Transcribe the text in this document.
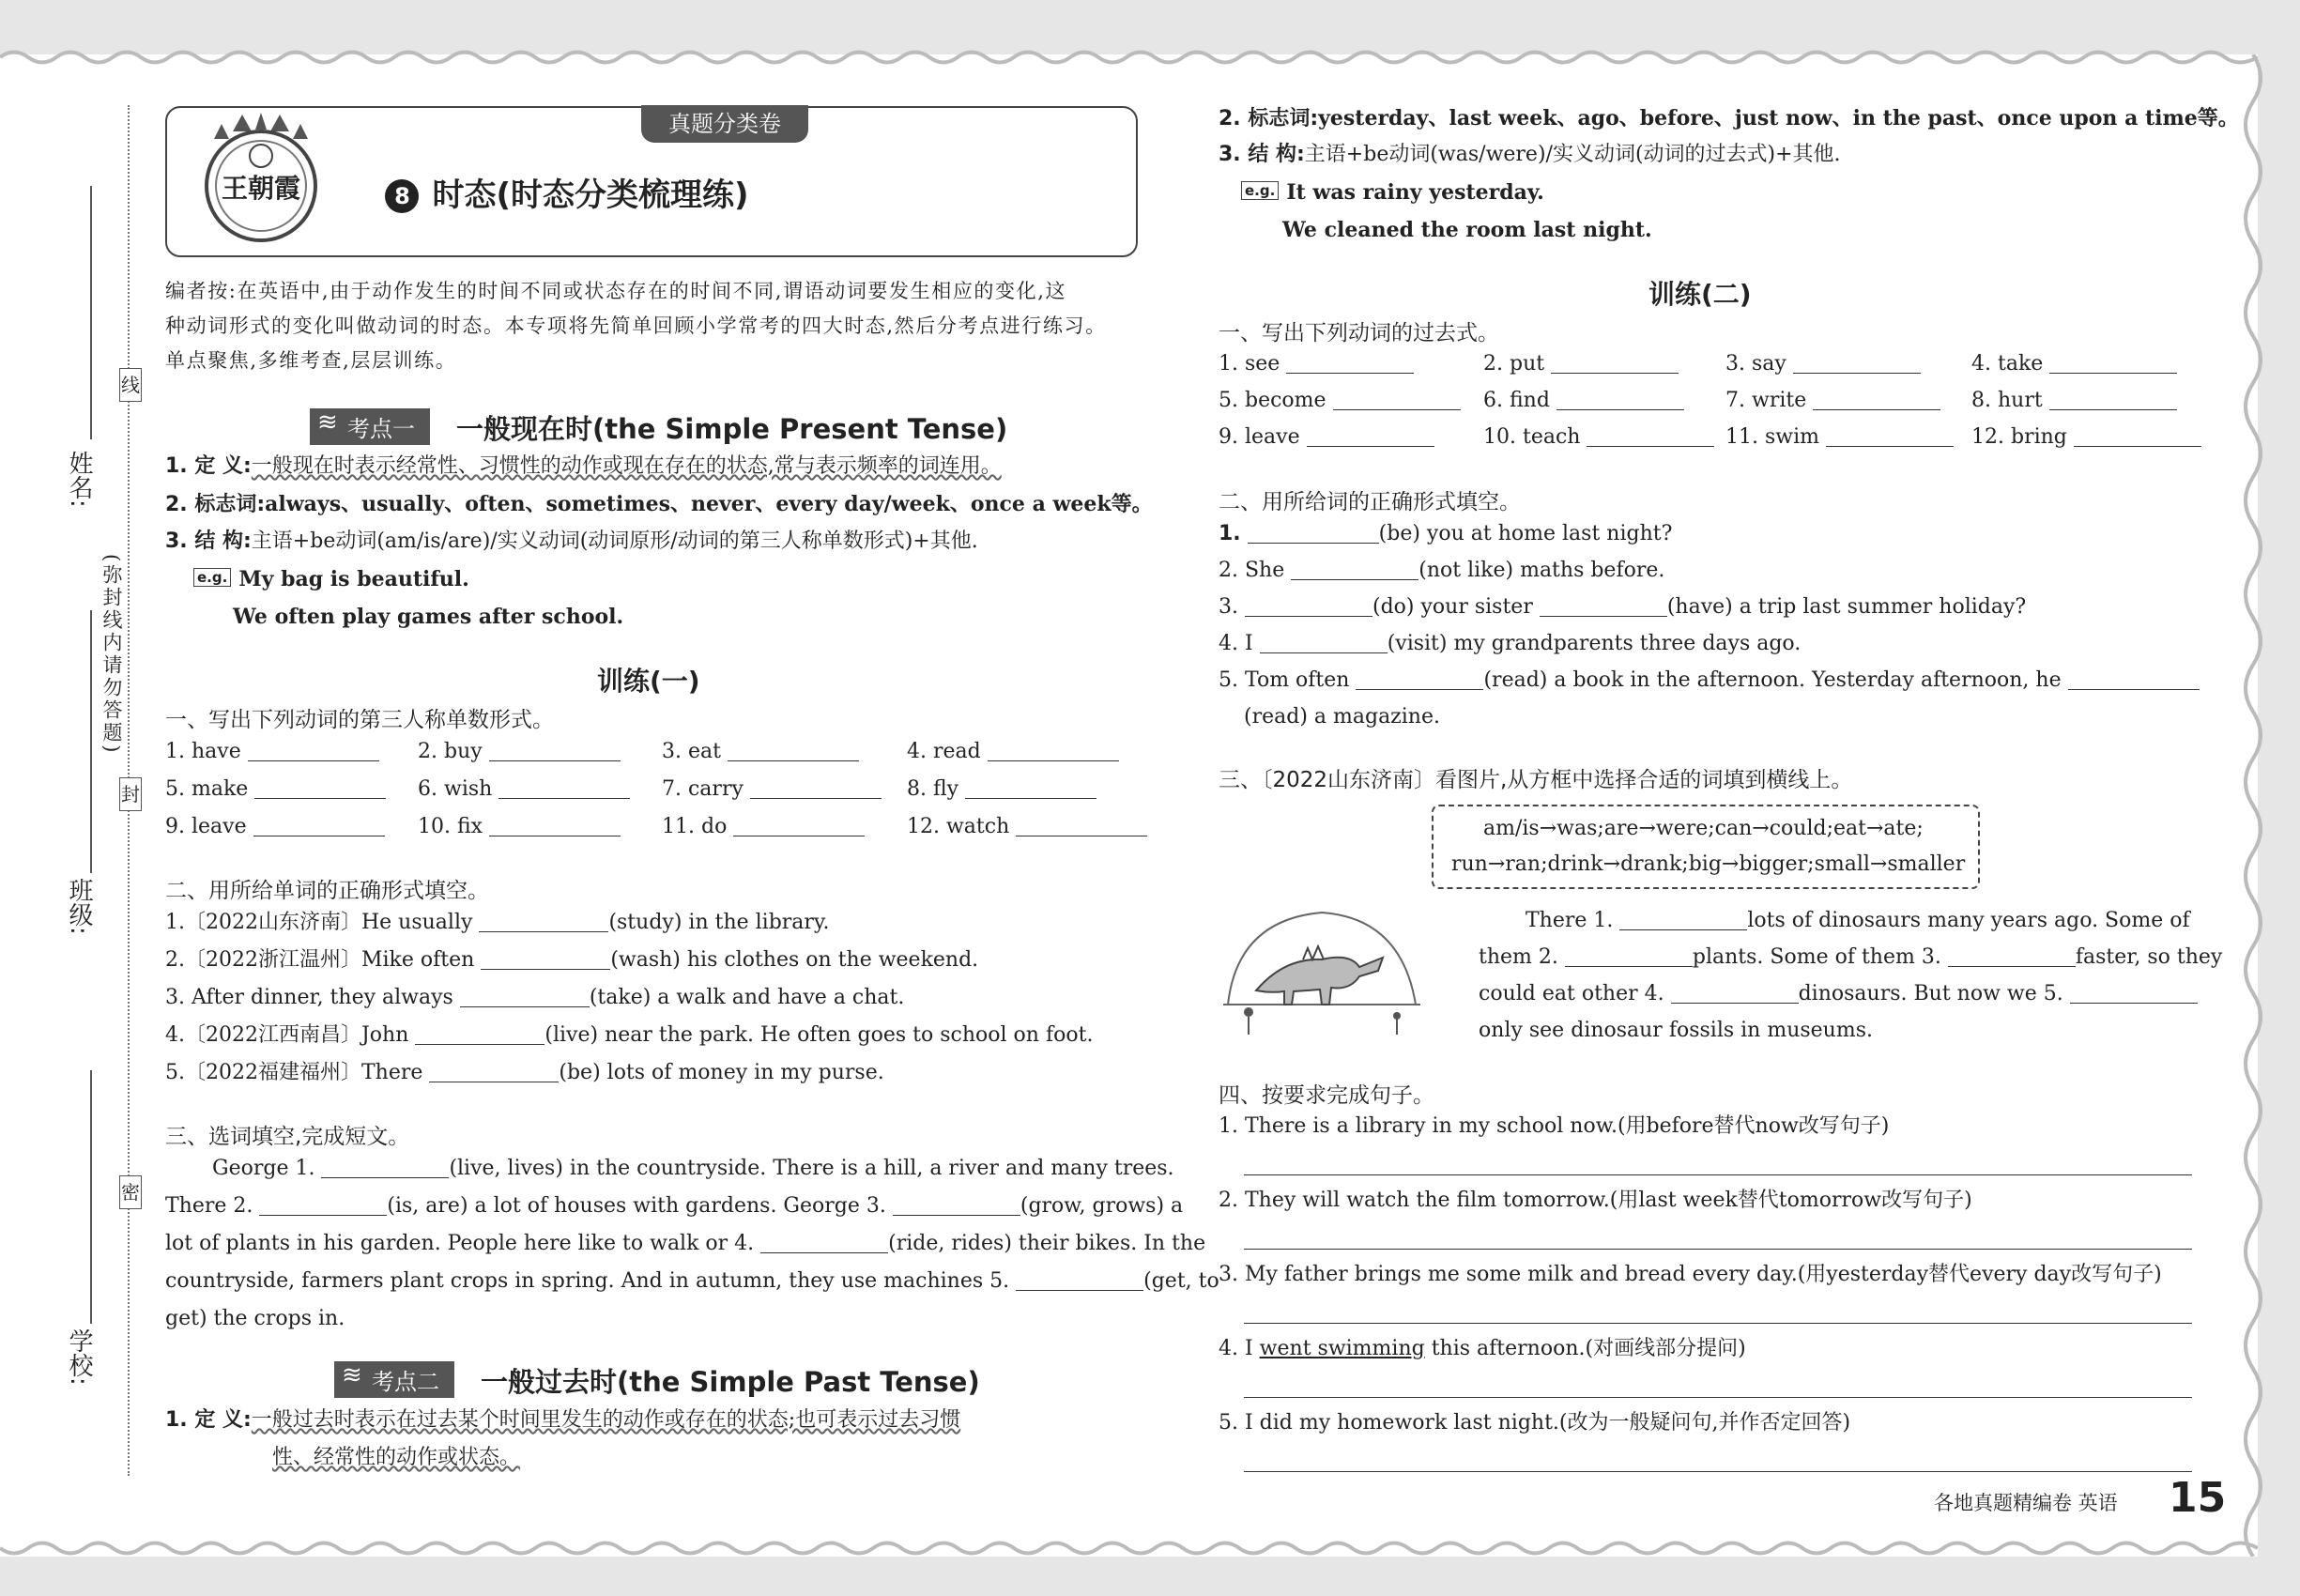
线
封
密
(弥封线内请勿答题)
姓名:
班级:
学校:
真题分类卷
8 时态(时态分类梳理练)
王朝霞
编者按:在英语中,由于动作发生的时间不同或状态存在的时间不同,谓语动词要发生相应的变化,这
种动词形式的变化叫做动词的时态。本专项将先简单回顾小学常考的四大时态,然后分考点进行练习。
单点聚焦,多维考查,层层训练。
≋ 考点一 一般现在时(the Simple Present Tense)
1. 定 义:一般现在时表示经常性、习惯性的动作或现在存在的状态,常与表示频率的词连用。
2. 标志词:always、usually、often、sometimes、never、every day/week、once a week等。
3. 结 构:主语+be动词(am/is/are)/实义动词(动词原形/动词的第三人称单数形式)+其他.
e.g. My bag is beautiful.
We often play games after school.
训练(一)
一、写出下列动词的第三人称单数形式。
1. have	2. buy	3. eat	4. read
5. make	6. wish	7. carry	8. fly
9. leave	10. fix	11. do	12. watch
二、用所给单词的正确形式填空。
1.〔2022山东济南〕He usually	(study) in the library.
2.〔2022浙江温州〕Mike often	(wash) his clothes on the weekend.
3. After dinner, they always	(take) a walk and have a chat.
4.〔2022江西南昌〕John	(live) near the park. He often goes to school on foot.
5.〔2022福建福州〕There	(be) lots of money in my purse.
三、选词填空,完成短文。
George 1.	(live, lives) in the countryside. There is a hill, a river and many trees.
There 2.	(is, are) a lot of houses with gardens. George 3.	(grow, grows) a
lot of plants in his garden. People here like to walk or 4.	(ride, rides) their bikes. In the
countryside, farmers plant crops in spring. And in autumn, they use machines 5.	(get, to
get) the crops in.
≋ 考点二 一般过去时(the Simple Past Tense)
1. 定 义:一般过去时表示在过去某个时间里发生的动作或存在的状态;也可表示过去习惯
性、经常性的动作或状态。
2. 标志词:yesterday、last week、ago、before、just now、in the past、once upon a time等。
3. 结 构:主语+be动词(was/were)/实义动词(动词的过去式)+其他.
e.g. It was rainy yesterday.
We cleaned the room last night.
训练(二)
一、写出下列动词的过去式。
1. see	2. put	3. say	4. take
5. become	6. find	7. write	8. hurt
9. leave	10. teach	11. swim	12. bring
二、用所给词的正确形式填空。
1.	(be) you at home last night?
2. She	(not like) maths before.
3.	(do) your sister	(have) a trip last summer holiday?
4. I	(visit) my grandparents three days ago.
5. Tom often	(read) a book in the afternoon. Yesterday afternoon, he
(read) a magazine.
三、〔2022山东济南〕看图片,从方框中选择合适的词填到横线上。
am/is→was;are→were;can→could;eat→ate;
run→ran;drink→drank;big→bigger;small→smaller
There 1.	lots of dinosaurs many years ago. Some of
them 2.	plants. Some of them 3.	faster, so they
could eat other 4.	dinosaurs. But now we 5.
only see dinosaur fossils in museums.
四、按要求完成句子。
1. There is a library in my school now.(用before替代now改写句子)
2. They will watch the film tomorrow.(用last week替代tomorrow改写句子)
3. My father brings me some milk and bread every day.(用yesterday替代every day改写句子)
4. I went swimming this afternoon.(对画线部分提问)
5. I did my homework last night.(改为一般疑问句,并作否定回答)
各地真题精编卷 英语 15
